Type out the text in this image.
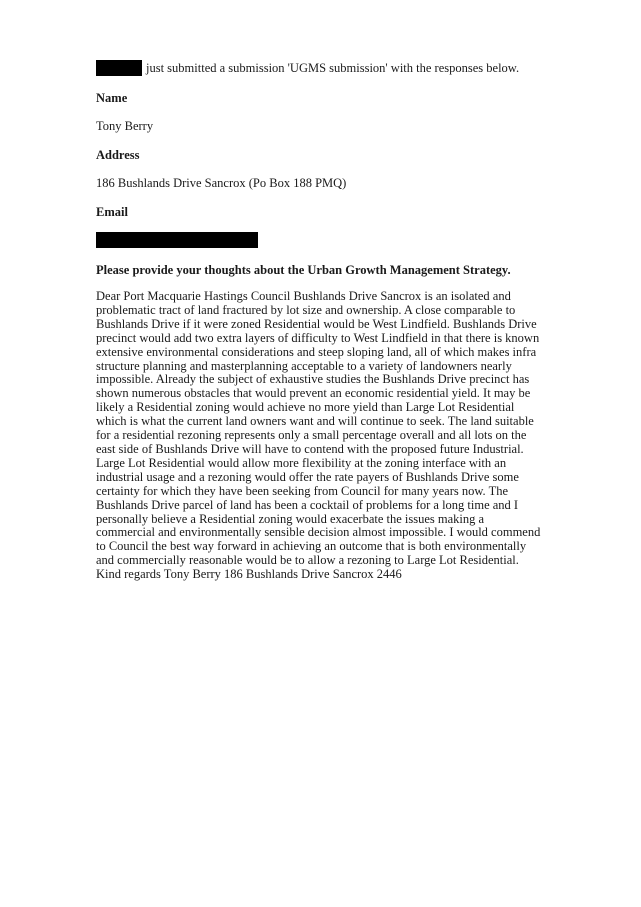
just submitted a submission 'UGMS submission' with the responses below.
Name
Tony Berry
Address
186 Bushlands Drive Sancrox (Po Box 188 PMQ)
Email
Please provide your thoughts about the Urban Growth Management Strategy.
Dear Port Macquarie Hastings Council Bushlands Drive Sancrox is an isolated and problematic tract of land fractured by lot size and ownership. A close comparable to Bushlands Drive if it were zoned Residential would be West Lindfield. Bushlands Drive precinct would add two extra layers of difficulty to West Lindfield in that there is known extensive environmental considerations and steep sloping land, all of which makes infra structure planning and masterplanning acceptable to a variety of landowners nearly impossible. Already the subject of exhaustive studies the Bushlands Drive precinct has shown numerous obstacles that would prevent an economic residential yield. It may be likely a Residential zoning would achieve no more yield than Large Lot Residential which is what the current land owners want and will continue to seek. The land suitable for a residential rezoning represents only a small percentage overall and all lots on the east side of Bushlands Drive will have to contend with the proposed future Industrial. Large Lot Residential would allow more flexibility at the zoning interface with an industrial usage and a rezoning would offer the rate payers of Bushlands Drive some certainty for which they have been seeking from Council for many years now. The Bushlands Drive parcel of land has been a cocktail of problems for a long time and I personally believe a Residential zoning would exacerbate the issues making a commercial and environmentally sensible decision almost impossible. I would commend to Council the best way forward in achieving an outcome that is both environmentally and commercially reasonable would be to allow a rezoning to Large Lot Residential. Kind regards Tony Berry 186 Bushlands Drive Sancrox 2446
